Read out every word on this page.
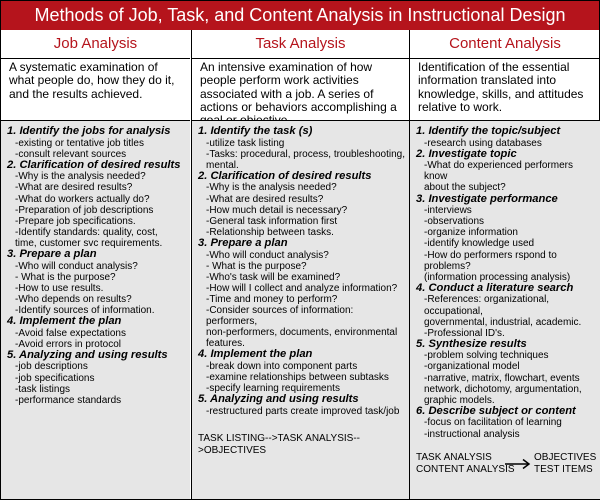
Methods of Job, Task, and Content Analysis in Instructional Design
Job Analysis
A systematic examination of what people do, how they do it, and the results achieved.
1. Identify the jobs for analysis
-existing or tentative job titles
-consult relevant sources
2. Clarification of desired results
-Why is the analysis needed?
-What are desired results?
-What do workers actually do?
-Preparation of job descriptions
-Prepare job specifications.
-Identify standards: quality, cost,
time, customer svc requirements.
3. Prepare a plan
-Who will conduct analysis?
- What is the purpose?
-How to use results.
-Who depends on results?
-Identify sources of information.
4. Implement the plan
-Avoid false expectations
-Avoid errors in protocol
5. Analyzing and using results
-job descriptions
-job specifications
-task listings
-performance standards
Task Analysis
An intensive examination of how people perform work activities associated with a job. A series of actions or behaviors accomplishing a
1. Identify the task (s)
-utilize task listing
-Tasks: procedural, process, troubleshooting,
mental.
2. Clarification of desired results
-Why is the analysis needed?
-What are desired results?
-How much detail is necessary?
-General task information first
-Relationship between tasks.
3. Prepare a plan
-Who will conduct analysis?
- What is the purpose?
-Who's task will be examined?
-How will I collect and analyze information?
-Time and money to perform?
-Consider sources of information: performers,
non-performers, documents, environmental
features.
4. Implement the plan
-break down into component parts
-examine relationships between subtasks
-specify learning requirements
5. Analyzing and using results
-restructured parts create improved task/job
TASK LISTING-->TASK ANALYSIS-->OBJECTIVES
Content Analysis
Identification of the essential information translated into knowledge, skills, and attitudes relative to work.
1. Identify the topic/subject
-research using databases
2. Investigate topic
-What do experienced performers know
about the subject?
3. Investigate performance
-interviews
-observations
-organize information
-identify knowledge used
-How do performers rspond to problems?
(information processing analysis)
4. Conduct a literature search
-References: organizational, occupational,
governmental, industrial, academic.
-Professional ID's.
5. Synthesize results
-problem solving techniques
-organizational model
-narrative, matrix, flowchart, events
network, dichotomy, argumentation,
graphic models.
6. Describe subject or content
-focus on facilitation of learning
-instructional analysis
TASK ANALYSIS
CONTENT ANALYSIS
OBJECTIVES
TEST ITEMS
